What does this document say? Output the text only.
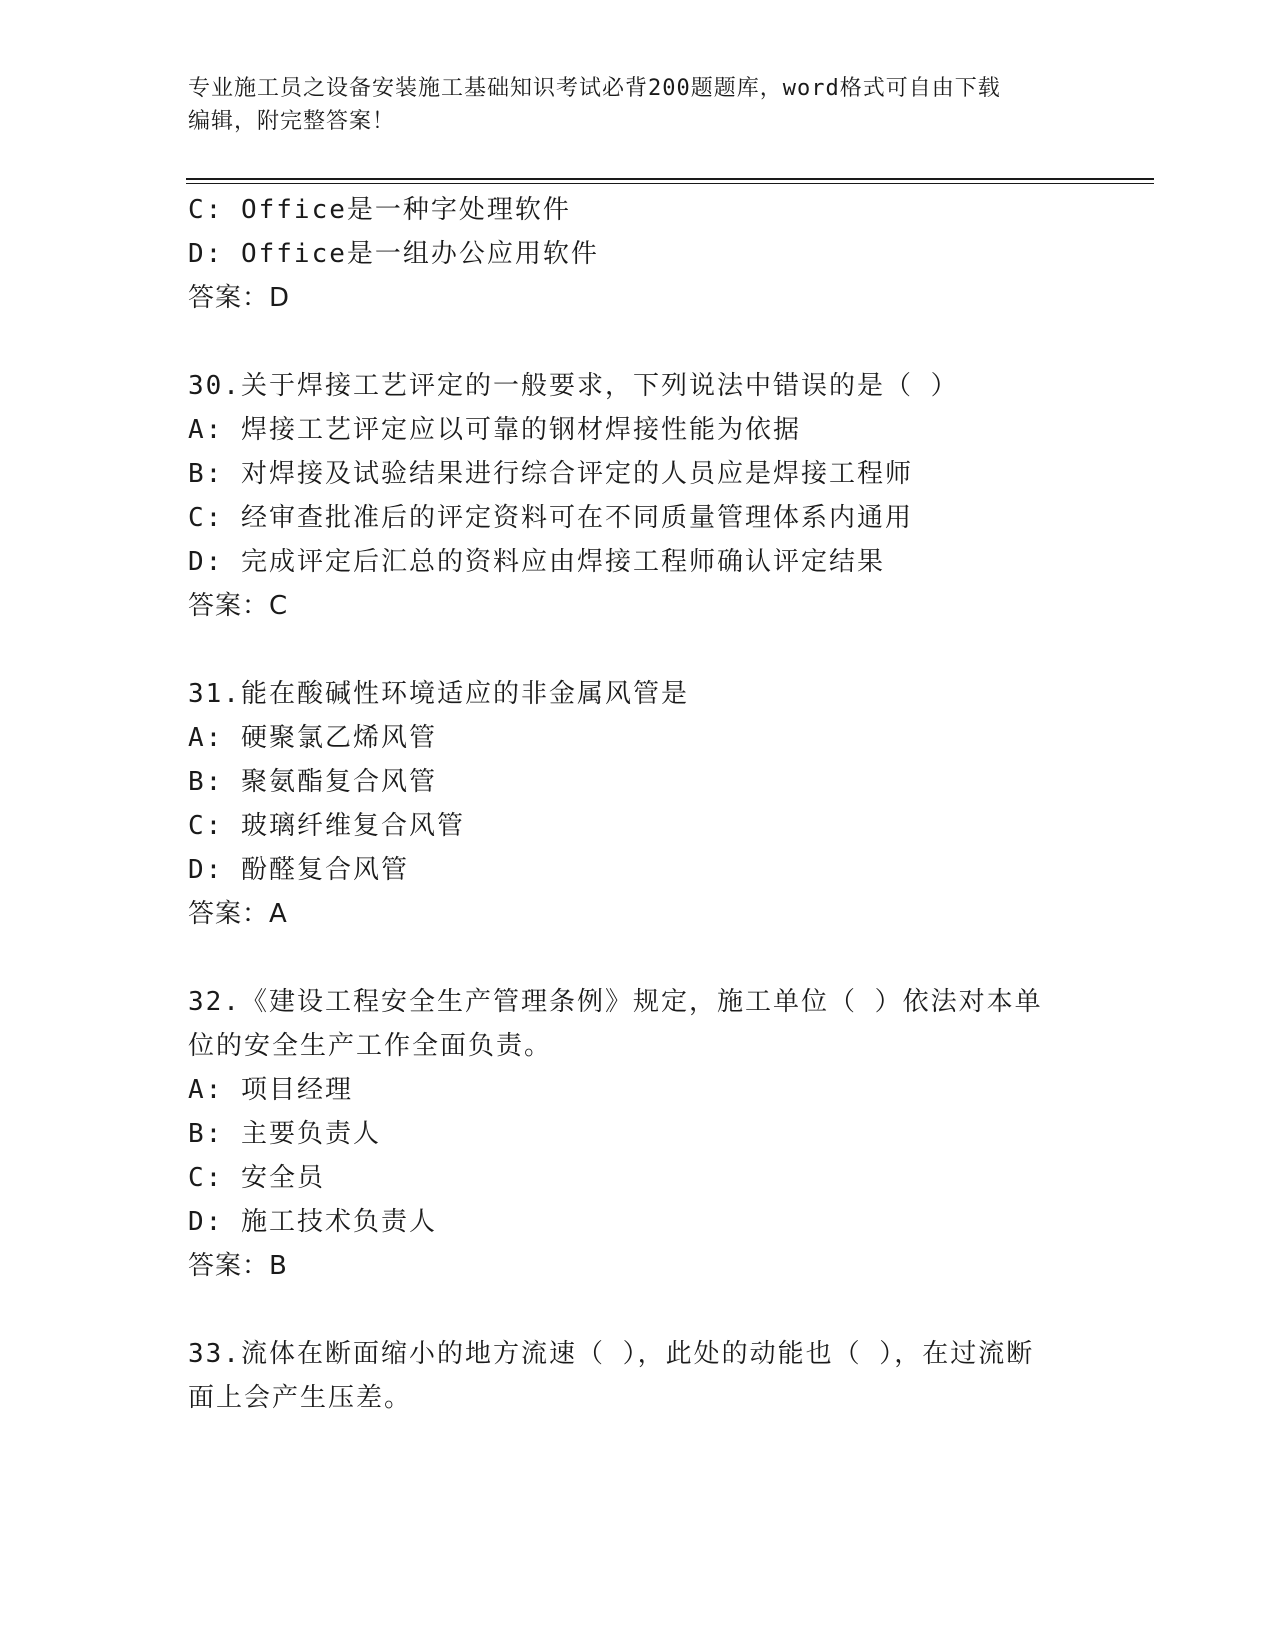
专业施工员之设备安装施工基础知识考试必背200题题库，word格式可自由下载
编辑，附完整答案！
C: Office是一种字处理软件
D: Office是一组办公应用软件
答案：D
30.关于焊接工艺评定的一般要求，下列说法中错误的是（ ）
A: 焊接工艺评定应以可靠的钢材焊接性能为依据
B: 对焊接及试验结果进行综合评定的人员应是焊接工程师
C: 经审查批准后的评定资料可在不同质量管理体系内通用
D: 完成评定后汇总的资料应由焊接工程师确认评定结果
答案：C
31.能在酸碱性环境适应的非金属风管是
A: 硬聚氯乙烯风管
B: 聚氨酯复合风管
C: 玻璃纤维复合风管
D: 酚醛复合风管
答案：A
32.《建设工程安全生产管理条例》规定，施工单位（ ）依法对本单
位的安全生产工作全面负责。
A: 项目经理
B: 主要负责人
C: 安全员
D: 施工技术负责人
答案：B
33.流体在断面缩小的地方流速（ ），此处的动能也（ ），在过流断
面上会产生压差。
